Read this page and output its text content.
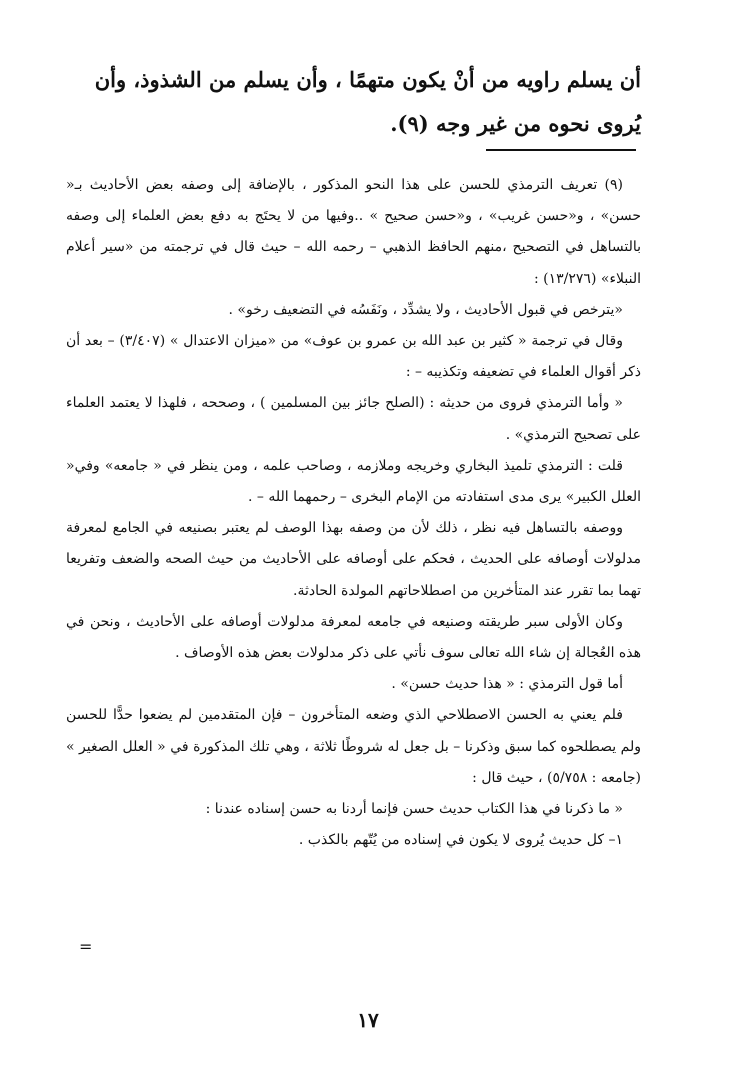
أن يسلم راويه من أنْ يكون متهمًا ، وأن يسلم من الشذوذ، وأن يُروى نحوه من غير وجه (٩).

(٩) تعريف الترمذي للحسن على هذا النحو المذكور ، بالإضافة إلى وصفه بعض الأحاديث بـ« حسن» ، و«حسن غريب» ، و«حسن صحيح » ..وفيها من لا يحتَج به دفع بعض العلماء إلى وصفه بالتساهل في التصحيح ،منهم الحافظ الذهبي – رحمه الله – حيث قال في ترجمته من «سير أعلام النبلاء» (١٣/٢٧٦) :

«يترخص في قبول الأحاديث ، ولا يشدِّد ، ونَفَسُه في التضعيف رخو» .

وقال في ترجمة « كثير بن عبد الله بن عمرو بن عوف» من «ميزان الاعتدال » (٣/٤٠٧) – بعد أن ذكر أقوال العلماء في تضعيفه وتكذيبه – :

« وأما الترمذي فروى من حديثه : (الصلح جائز بين المسلمين ) ، وصححه ، فلهذا لا يعتمد العلماء على تصحيح الترمذي» .

قلت : الترمذي تلميذ البخاري وخريجه وملازمه ، وصاحب علمه ، ومن ينظر في « جامعه» وفي« العلل الكبير» يرى مدى استفادته من الإمام البخرى – رحمهما الله – .

ووصفه بالتساهل فيه نظر ، ذلك لأن من وصفه بهذا الوصف لم يعتبر بصنيعه في الجامع لمعرفة مدلولات أوصافه على الحديث ، فحكم على أوصافه على الأحاديث من حيث الصحه والضعف وتفريعا تهما بما تقرر عند المتأخرين من اصطلاحاتهم المولدة الحادثة.

وكان الأولى سبر طريقته وصنيعه في جامعه لمعرفة مدلولات أوصافه على الأحاديث ، ونحن في هذه العُجالة إن شاء الله تعالى سوف نأتي على ذكر مدلولات بعض هذه الأوصاف .

أما قول الترمذي : « هذا حديث حسن» .

فلم يعني به الحسن الاصطلاحي الذي وضعه المتأخرون – فإن المتقدمين لم يضعوا حدًّا للحسن ولم يصطلحوه كما سبق وذكرنا – بل جعل له شروطًا ثلاثة ، وهي تلك المذكورة في « العلل الصغير » (جامعه : ٥/٧٥٨) ، حيث قال :

« ما ذكرنا في هذا الكتاب حديث حسن فإنما أردنا به حسن إسناده عندنا :

١– كل حديث يُروى لا يكون في إسناده من يُتّهم بالكذب .

=
١٧
